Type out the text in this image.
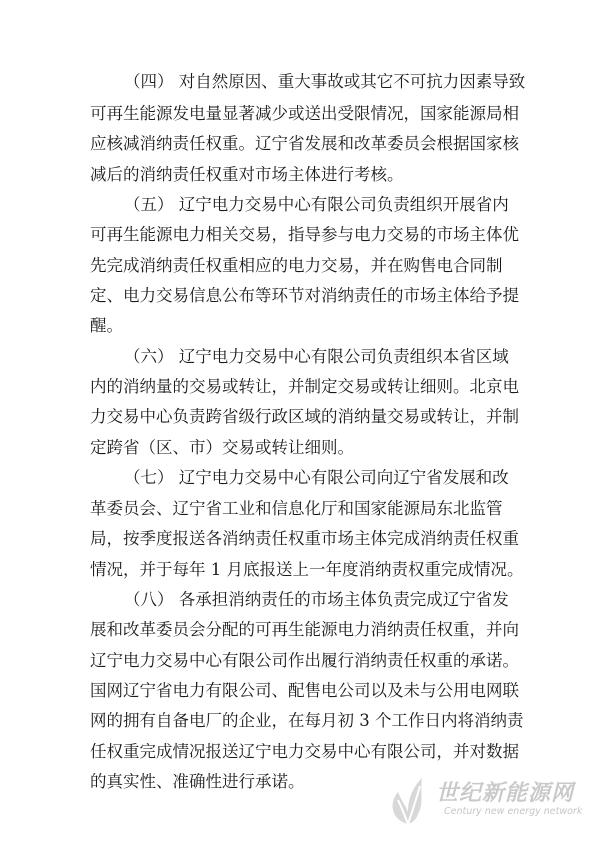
（四） 对自然原因、重大事故或其它不可抗力因素导致
可再生能源发电量显著减少或送出受限情况，国家能源局相
应核减消纳责任权重。辽宁省发展和改革委员会根据国家核
减后的消纳责任权重对市场主体进行考核。
（五） 辽宁电力交易中心有限公司负责组织开展省内
可再生能源电力相关交易，指导参与电力交易的市场主体优
先完成消纳责任权重相应的电力交易，并在购售电合同制
定、电力交易信息公布等环节对消纳责任的市场主体给予提
醒。
（六） 辽宁电力交易中心有限公司负责组织本省区域
内的消纳量的交易或转让，并制定交易或转让细则。北京电
力交易中心负责跨省级行政区域的消纳量交易或转让，并制
定跨省（区、市）交易或转让细则。
（七） 辽宁电力交易中心有限公司向辽宁省发展和改
革委员会、辽宁省工业和信息化厅和国家能源局东北监管
局，按季度报送各消纳责任权重市场主体完成消纳责任权重
情况，并于每年 1 月底报送上一年度消纳责权重完成情况。
（八） 各承担消纳责任的市场主体负责完成辽宁省发
展和改革委员会分配的可再生能源电力消纳责任权重，并向
辽宁电力交易中心有限公司作出履行消纳责任权重的承诺。
国网辽宁省电力有限公司、配售电公司以及未与公用电网联
网的拥有自备电厂的企业，在每月初 3 个工作日内将消纳责
任权重完成情况报送辽宁电力交易中心有限公司，并对数据
的真实性、准确性进行承诺。	世纪新能源网
Century new energy network
